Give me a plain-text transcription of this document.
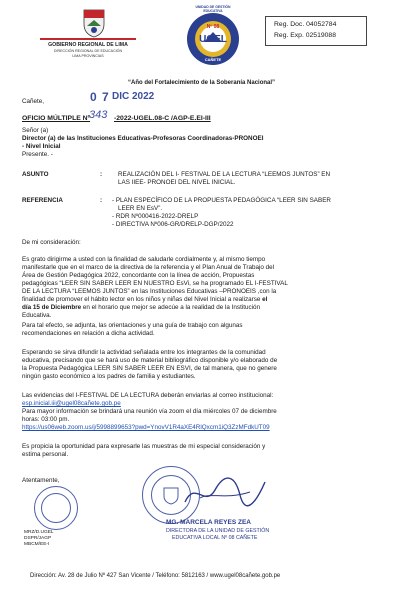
GOBIERNO REGIONAL DE LIMA
DIRECCIÓN REGIONAL DE EDUCACIÓN
LIMA PROVINCIAS
UNIDAD DE GESTIÓN EDUCATIVA
UGEL
Nº 08
CAÑETE
Reg. Doc. 04052784
Reg. Exp. 02519088
“Año del Fortalecimiento de la Soberanía Nacional”
Cañete,	0 7 DIC 2022
OFICIO MÚLTIPLE Nº
343 -2022-UGEL.08-C /AGP-E.EI-III
Señor (a)
Director (a) de las Instituciones Educativas-Profesoras Coordinadoras-PRONOEI
- Nivel Inicial
Presente. -
ASUNTO	:	REALIZACIÓN DEL I- FESTIVAL DE LA LECTURA “LEEMOS JUNTOS” EN
LAS IIEE- PRONOEI DEL NIVEL INICIAL.
REFERENCIA	: - PLAN ESPECÍFICO DE LA PROPUESTA PEDAGÓGICA “LEER SIN SABER
LEER EN EsV”.
- RDR Nº000416-2022-DRELP
- DIRECTIVA Nº006-GR/DRELP-DGP/2022
De mi consideración:
Es grato dirigirme a usted con la finalidad de saludarle cordialmente y, al mismo tiempo
manifestarle que en el marco de la directiva de la referencia y el Plan Anual de Trabajo del
Área de Gestión Pedagógica 2022, concordante con la línea de acción, Propuestas
pedagógicas “LEER SIN SABER LEER EN NUESTRO EsVi, se ha programado EL I-FESTIVAL
DE LA LECTURA “LEEMOS JUNTOS” en las Instituciones Educativas –PRONOEIS ,con la
finalidad de promover el hábito lector en los niños y niñas del Nivel Inicial a realizarse el
día 15 de Diciembre en el horario que mejor se adecúe a la realidad de la Institución
Educativa.
Para tal efecto, se adjunta, las orientaciones y una guía de trabajo con algunas
recomendaciones en relación a dicha actividad.
Esperando se sirva difundir la actividad señalada entre los integrantes de la comunidad
educativa, precisando que se hará uso de material bibliográfico disponible y/o elaborado de
la Propuesta Pedagógica LEER SIN SABER LEER EN ESVI, de tal manera, que no genere
ningún gasto económico a los padres de familia y estudiantes.
Las evidencias del I-FESTIVAL DE LA LECTURA deberán enviarlas al correo institucional:
esp.inicial.iii@ugel08cañete.gob.pe
Para mayor información se brindará una reunión vía zoom el día miércoles 07 de diciembre
horas: 03:00 pm.
https://us06web.zoom.us/j/5998899653?pwd=YnovV1R4aXE4RlQxcm1iQ3ZzMFdkUT09
Es propicia la oportunidad para expresarle las muestras de mi especial consideración y
estima personal.
Atentamente,
MG. MARCELA REYES ZEA
DIRECTORA DE LA UNIDAD DE GESTIÓN
EDUCATIVA LOCAL Nº 08 CAÑETE
MRZ/D.UGEL
DSPR/JAGP
MBCM/EE-I
Dirección: Av. 28 de Julio Nº 427 San Vicente / Teléfono: 5812163 / www.ugel08cañete.gob.pe
